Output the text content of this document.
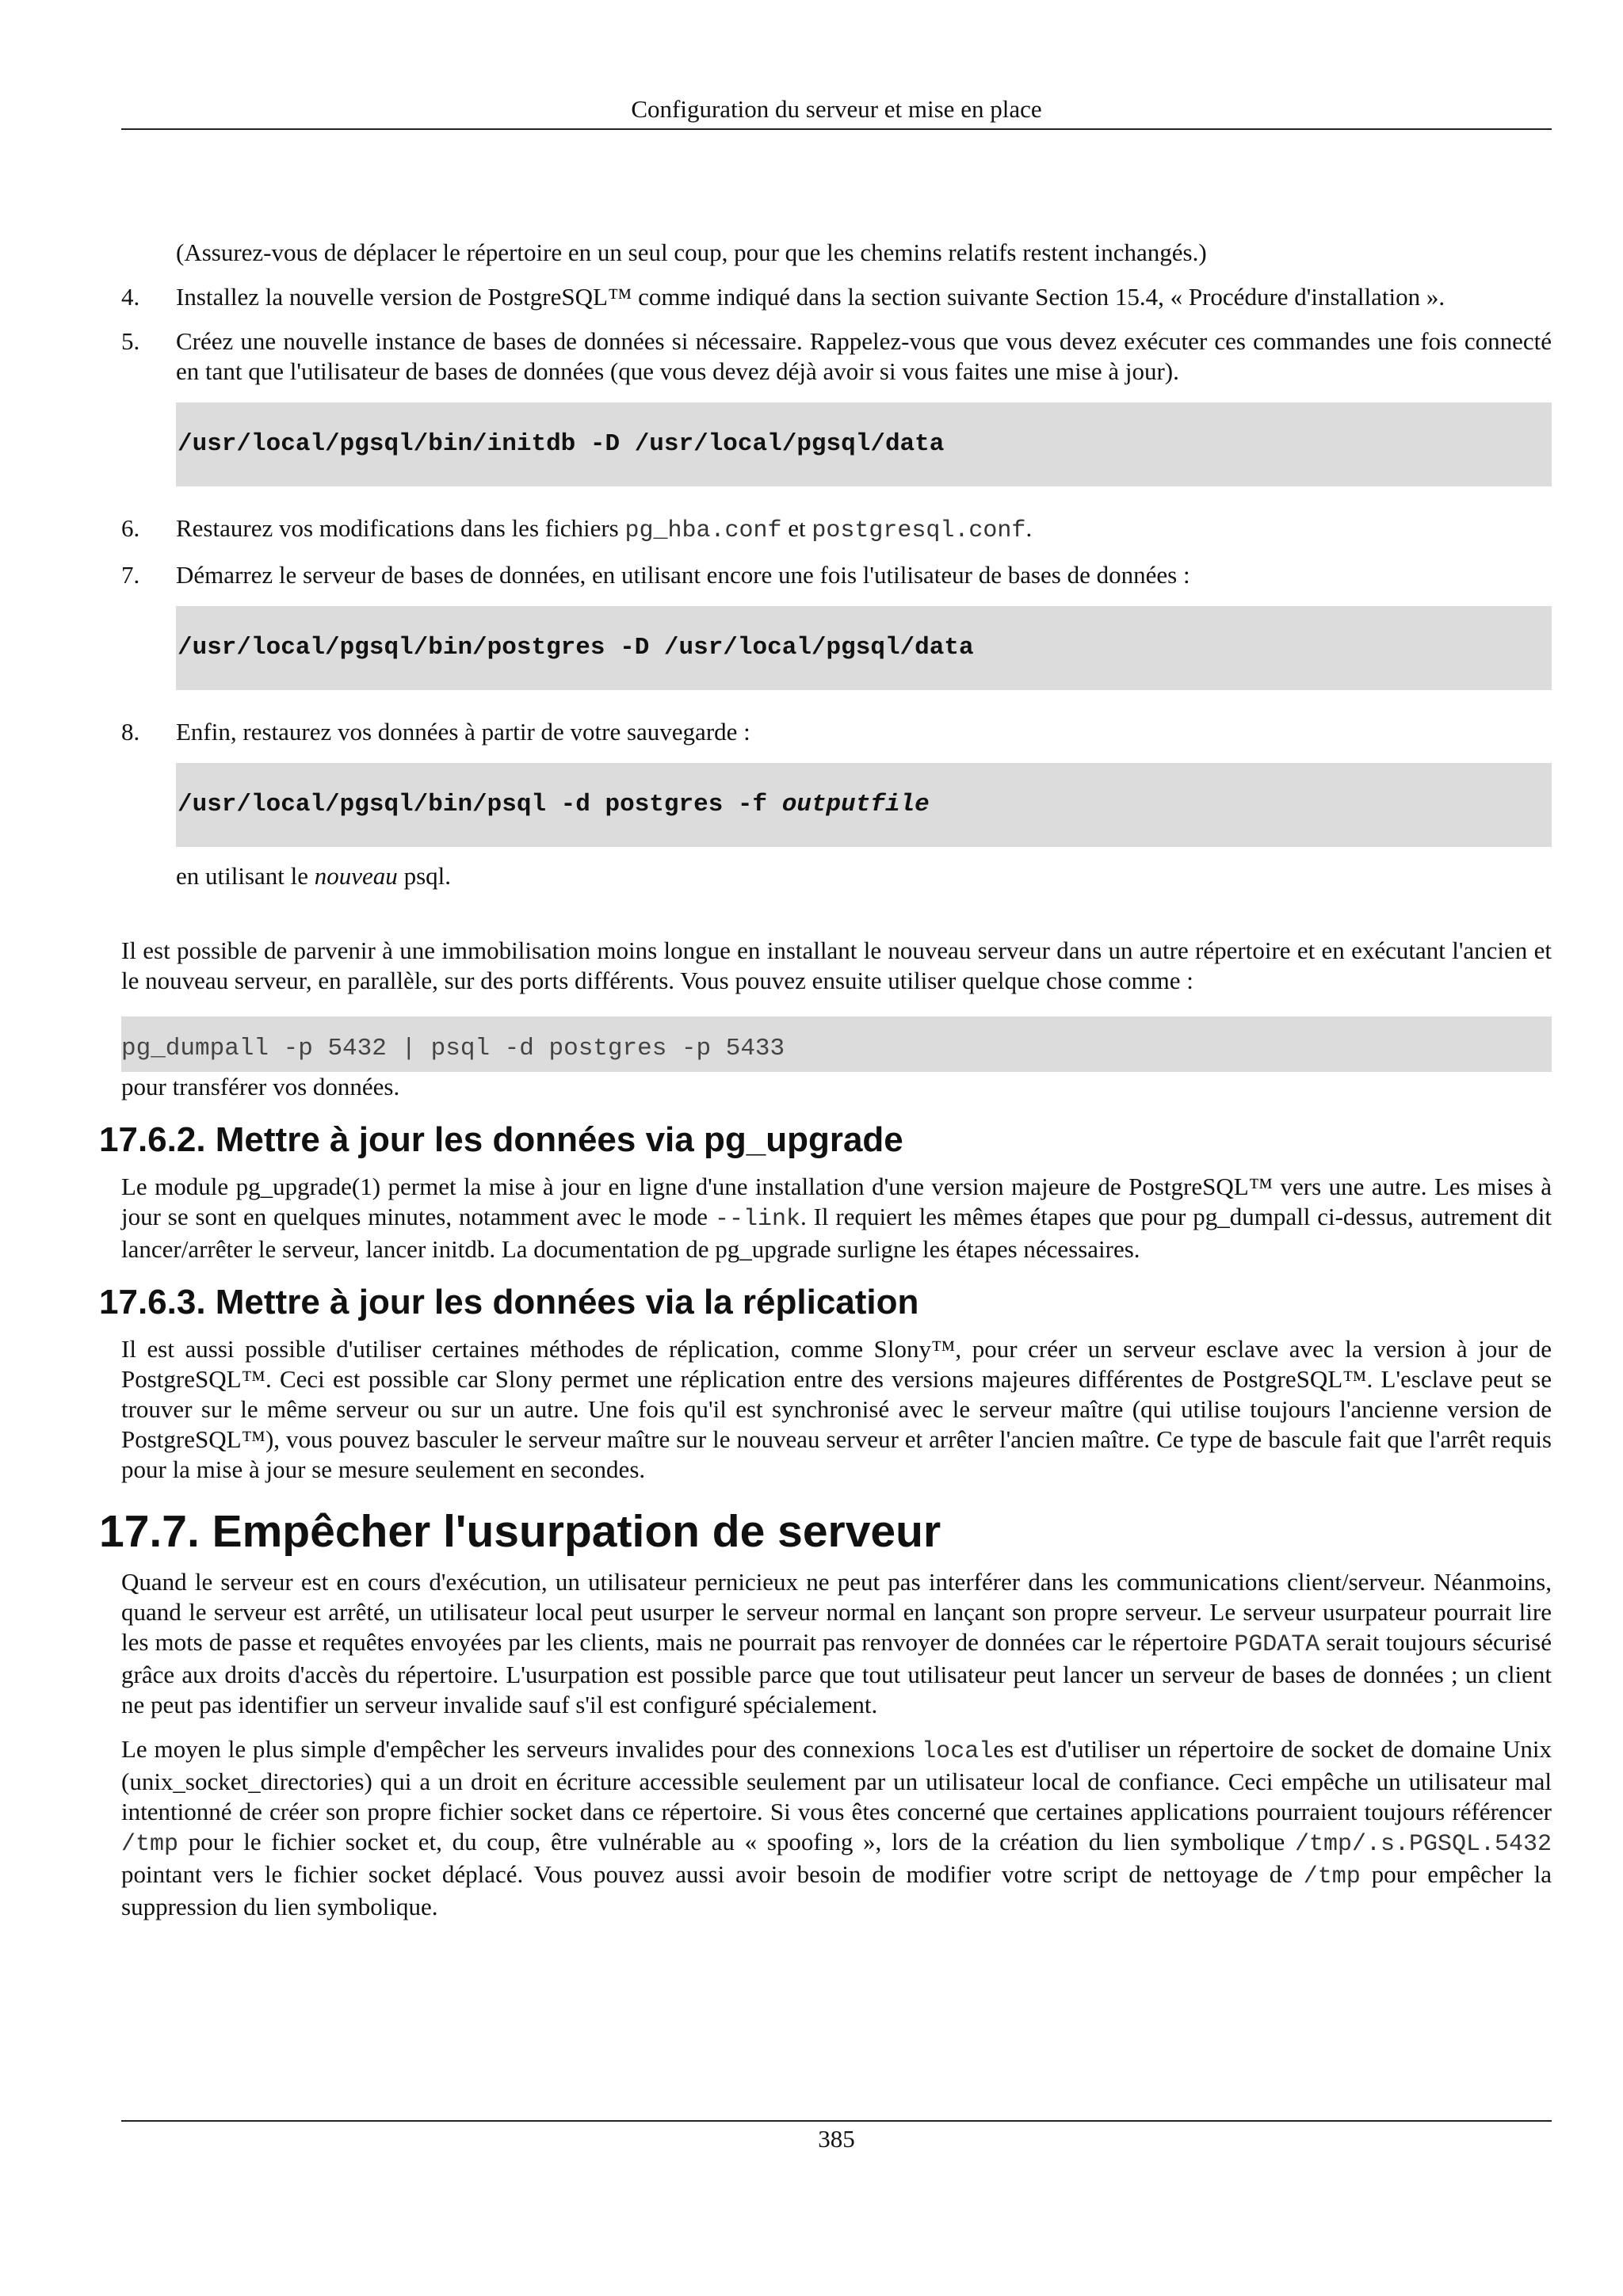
Configuration du serveur et mise en place

(Assurez-vous de déplacer le répertoire en un seul coup, pour que les chemins relatifs restent inchangés.)

4. Installez la nouvelle version de PostgreSQL™ comme indiqué dans la section suivante Section 15.4, « Procédure d'installation ».

5. Créez une nouvelle instance de bases de données si nécessaire. Rappelez-vous que vous devez exécuter ces commandes une fois connecté en tant que l'utilisateur de bases de données (que vous devez déjà avoir si vous faites une mise à jour).

/usr/local/pgsql/bin/initdb -D /usr/local/pgsql/data
6. Restaurez vos modifications dans les fichiers pg_hba.conf et postgresql.conf.

7. Démarrez le serveur de bases de données, en utilisant encore une fois l'utilisateur de bases de données :

/usr/local/pgsql/bin/postgres -D /usr/local/pgsql/data
8. Enfin, restaurez vos données à partir de votre sauvegarde :

/usr/local/pgsql/bin/psql -d postgres -f outputfile

en utilisant le nouveau psql.

Il est possible de parvenir à une immobilisation moins longue en installant le nouveau serveur dans un autre répertoire et en exécutant l'ancien et le nouveau serveur, en parallèle, sur des ports différents. Vous pouvez ensuite utiliser quelque chose comme :

pg_dumpall -p 5432 | psql -d postgres -p 5433

pour transférer vos données.

17.6.2. Mettre à jour les données via pg_upgrade

Le module pg_upgrade(1) permet la mise à jour en ligne d'une installation d'une version majeure de PostgreSQL™ vers une autre. Les mises à jour se sont en quelques minutes, notamment avec le mode --link. Il requiert les mêmes étapes que pour pg_dumpall ci-dessus, autrement dit lancer/arrêter le serveur, lancer initdb. La documentation de pg_upgrade surligne les étapes nécessaires.

17.6.3. Mettre à jour les données via la réplication

Il est aussi possible d'utiliser certaines méthodes de réplication, comme Slony™, pour créer un serveur esclave avec la version à jour de PostgreSQL™. Ceci est possible car Slony permet une réplication entre des versions majeures différentes de PostgreSQL™. L'esclave peut se trouver sur le même serveur ou sur un autre. Une fois qu'il est synchronisé avec le serveur maître (qui utilise toujours l'ancienne version de PostgreSQL™), vous pouvez basculer le serveur maître sur le nouveau serveur et arrêter l'ancien maître. Ce type de bascule fait que l'arrêt requis pour la mise à jour se mesure seulement en secondes.

17.7. Empêcher l'usurpation de serveur

Quand le serveur est en cours d'exécution, un utilisateur pernicieux ne peut pas interférer dans les communications client/serveur. Néanmoins, quand le serveur est arrêté, un utilisateur local peut usurper le serveur normal en lançant son propre serveur. Le serveur usurpateur pourrait lire les mots de passe et requêtes envoyées par les clients, mais ne pourrait pas renvoyer de données car le répertoire PGDATA serait toujours sécurisé grâce aux droits d'accès du répertoire. L'usurpation est possible parce que tout utilisateur peut lancer un serveur de bases de données ; un client ne peut pas identifier un serveur invalide sauf s'il est configuré spécialement.

Le moyen le plus simple d'empêcher les serveurs invalides pour des connexions locales est d'utiliser un répertoire de socket de domaine Unix (unix_socket_directories) qui a un droit en écriture accessible seulement par un utilisateur local de confiance. Ceci empêche un utilisateur mal intentionné de créer son propre fichier socket dans ce répertoire. Si vous êtes concerné que certaines applications pourraient toujours référencer /tmp pour le fichier socket et, du coup, être vulnérable au « spoofing », lors de la création du lien symbolique /tmp/.s.PGSQL.5432 pointant vers le fichier socket déplacé. Vous pouvez aussi avoir besoin de modifier votre script de nettoyage de /tmp pour empêcher la suppression du lien symbolique.

385
